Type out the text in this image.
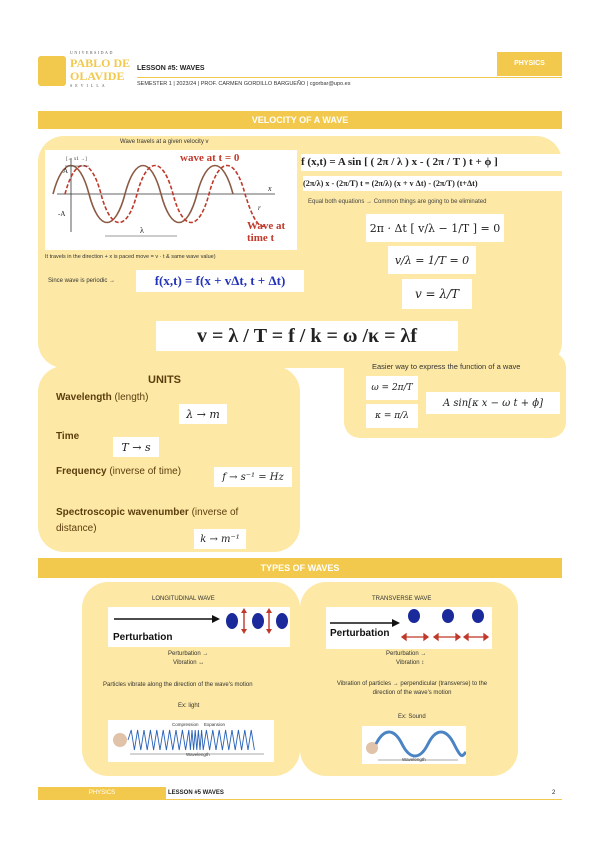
UNIVERSIDAD
PABLO DE
OLAVIDE
SEVILLA
LESSON #5: WAVES
SEMESTER 1 | 2023/24 | PROF. CARMEN GORDILLO BARGUEÑO | cgorbar@upo.es
PHYSICS
VELOCITY OF A WAVE
Wave travels at a given velocity v
[← x1 →]
A
-A
x
r
λ
wave at t = 0
Wave at time t
f (x,t) = A sin [ ( 2π / λ ) x - ( 2π / T ) t + ϕ ]
(2π/λ) x - (2π/T) t = (2π/λ) (x + v Δt) - (2π/T) (t+Δt)
Equal both equations → Common things are going to be eliminated
2π · Δt [ v/λ − 1/T ] = 0
v/λ = 1/T = 0
v = λ/T
It travels in the direction + x is paced move = v · t & same wave value)
Since wave is periodic →	f(x,t) = f(x + vΔt, t + Δt)
v = λ / T = f / k = ω /κ = λf
UNITS
Wavelength (length)
λ → m
Time
T → s
Frequency (inverse of time)	f → s⁻¹ = Hz
Spectroscopic wavenumber (inverse of distance)
k → m⁻¹
Easier way to express the function of a wave
ω = 2π/T
κ = π/λ
A sin[κ x − ω t + ϕ]
TYPES OF WAVES
LONGITUDINAL WAVE
Perturbation
Perturbation →
Vibration ↔
Particles vibrate along the direction of the wave's motion
Ex: light
Compression Expansion
Wavelength
TRANSVERSE WAVE
Perturbation
Perturbation →
Vibration ↕
Vibration of particles → perpendicular (transverse) to the direction of the wave's motion
Ex: Sound
Wavelength
PHYSICS	LESSON #5 WAVES	2
